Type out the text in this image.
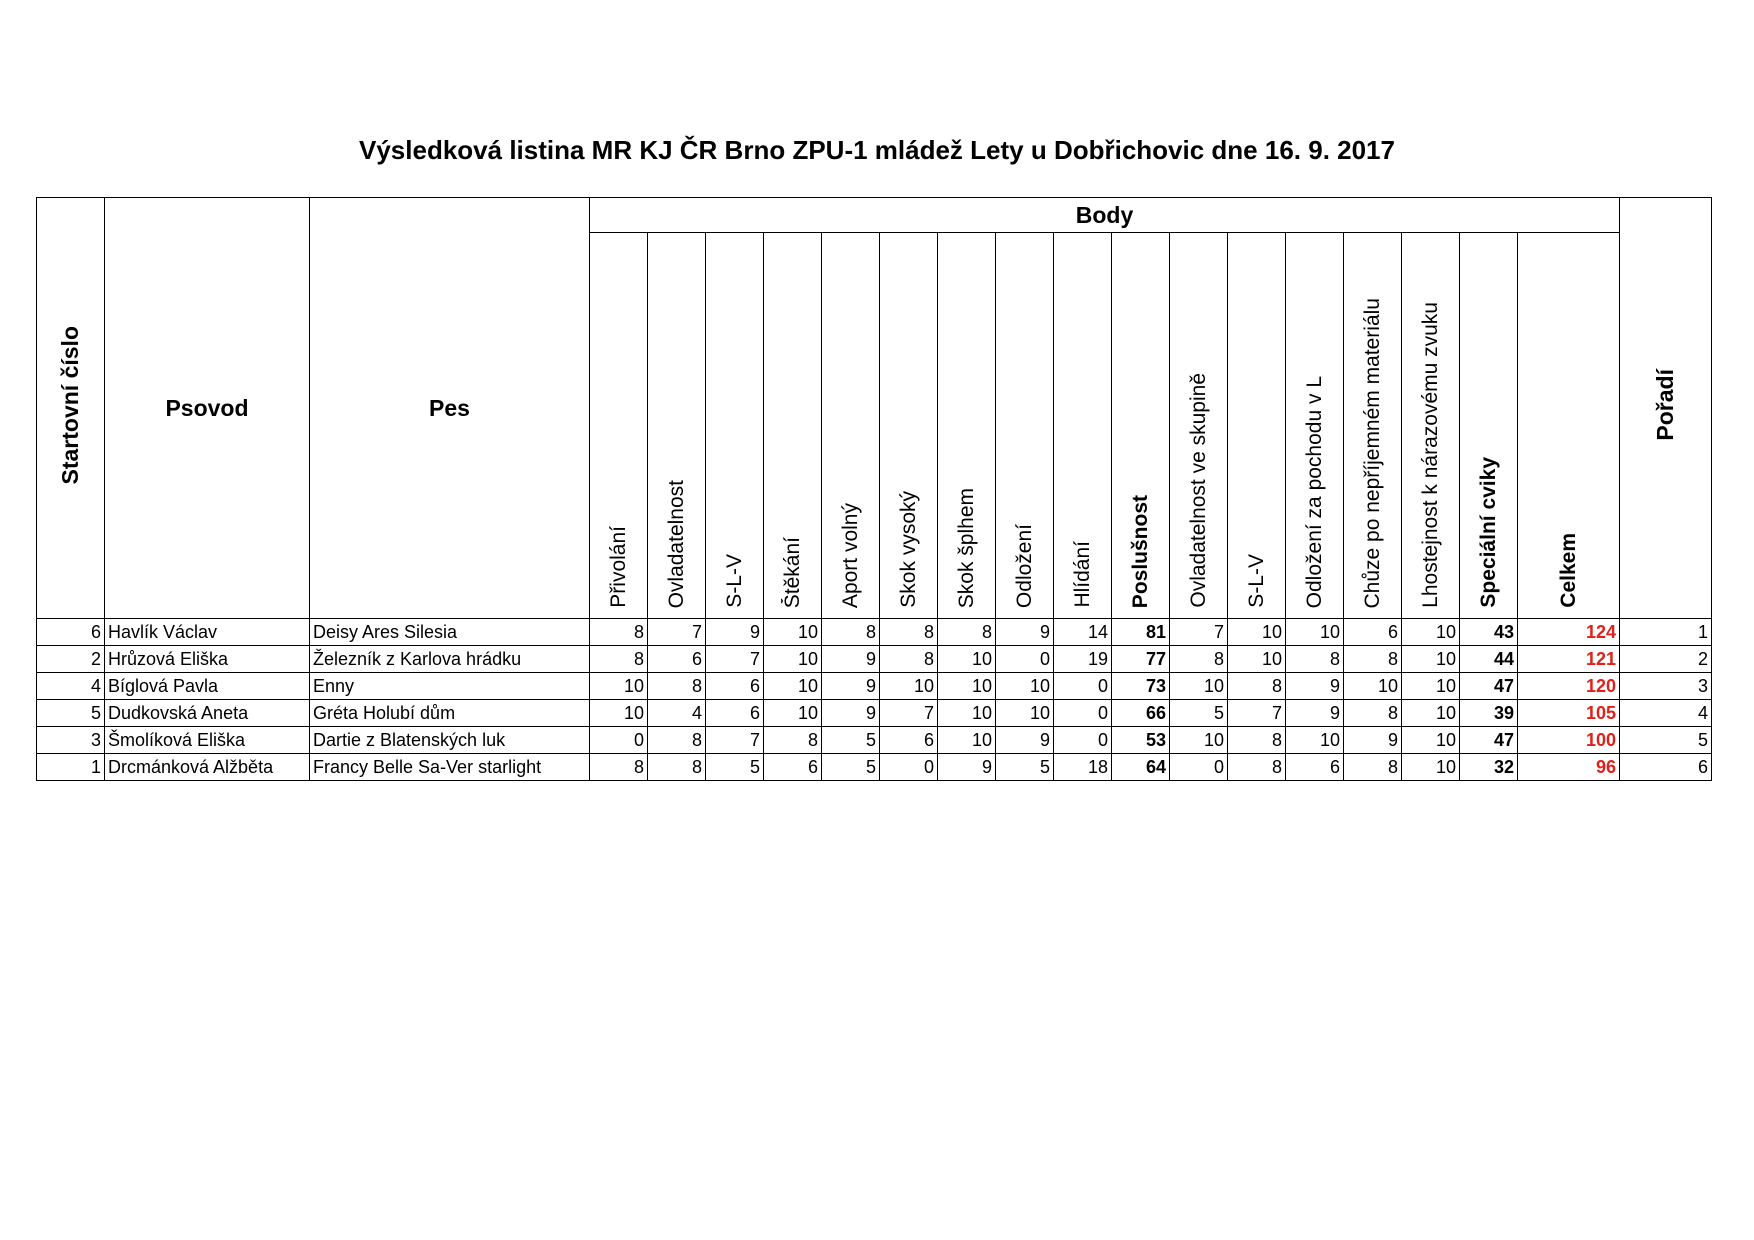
Výsledková listina MR KJ ČR Brno ZPU-1 mládež Lety u Dobřichovic dne 16. 9. 2017
Startovní číslo	Psovod	Pes	Body																	Pořadí
			Přivolání	Ovladatelnost	S-L-V	Štěkání	Aport volný	Skok vysoký	Skok šplhem	Odložení	Hlídání	Poslušnost	Ovladatelnost ve skupině	S-L-V	Odložení za pochodu v L	Chůze po nepříjemném materiálu	Lhostejnost k nárazovému zvuku	Speciální cviky	Celkem	
6	Havlík Václav	Deisy Ares Silesia	8	7	9	10	8	8	8	9	14	81	7	10	10	6	10	43	124	1
2	Hrůzová Eliška	Železník z Karlova hrádku	8	6	7	10	9	8	10	0	19	77	8	10	8	8	10	44	121	2
4	Bíglová Pavla	Enny	10	8	6	10	9	10	10	10	0	73	10	8	9	10	10	47	120	3
5	Dudkovská Aneta	Gréta Holubí dům	10	4	6	10	9	7	10	10	0	66	5	7	9	8	10	39	105	4
3	Šmolíková Eliška	Dartie z Blatenských luk	0	8	7	8	5	6	10	9	0	53	10	8	10	9	10	47	100	5
1	Drcmánková Alžběta	Francy Belle Sa-Ver starlight	8	8	5	6	5	0	9	5	18	64	0	8	6	8	10	32	96	6
